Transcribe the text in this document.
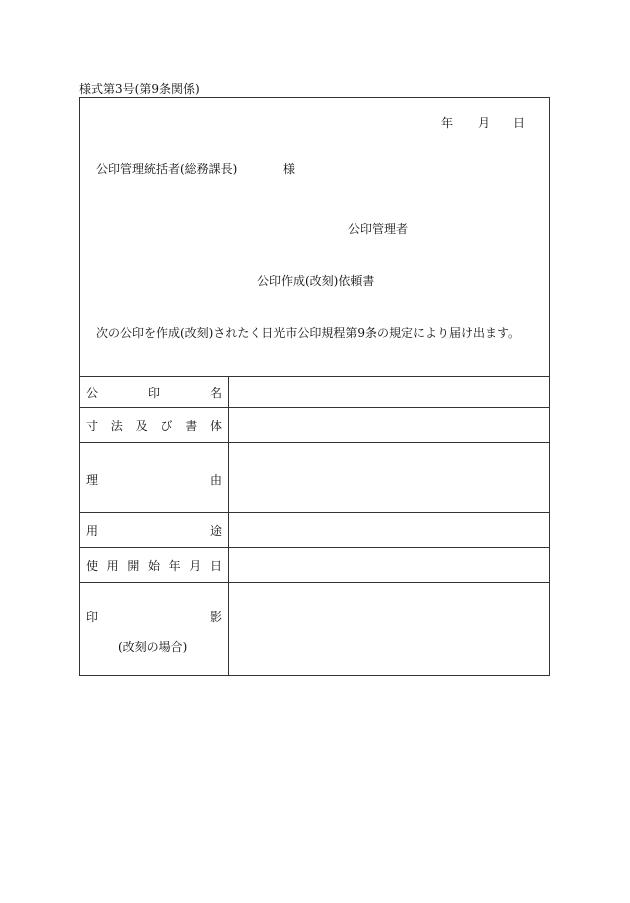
様式第3号(第9条関係)
年 月 日
公印管理統括者(総務課長)	様
公印管理者
公印作成(改刻)依頼書
次の公印を作成(改刻)されたく日光市公印規程第9条の規定により届け出ます。
公	印	名
寸 法 及 び 書 体
理	由
用	途
使 用 開 始 年 月 日
印	影
(改刻の場合)
